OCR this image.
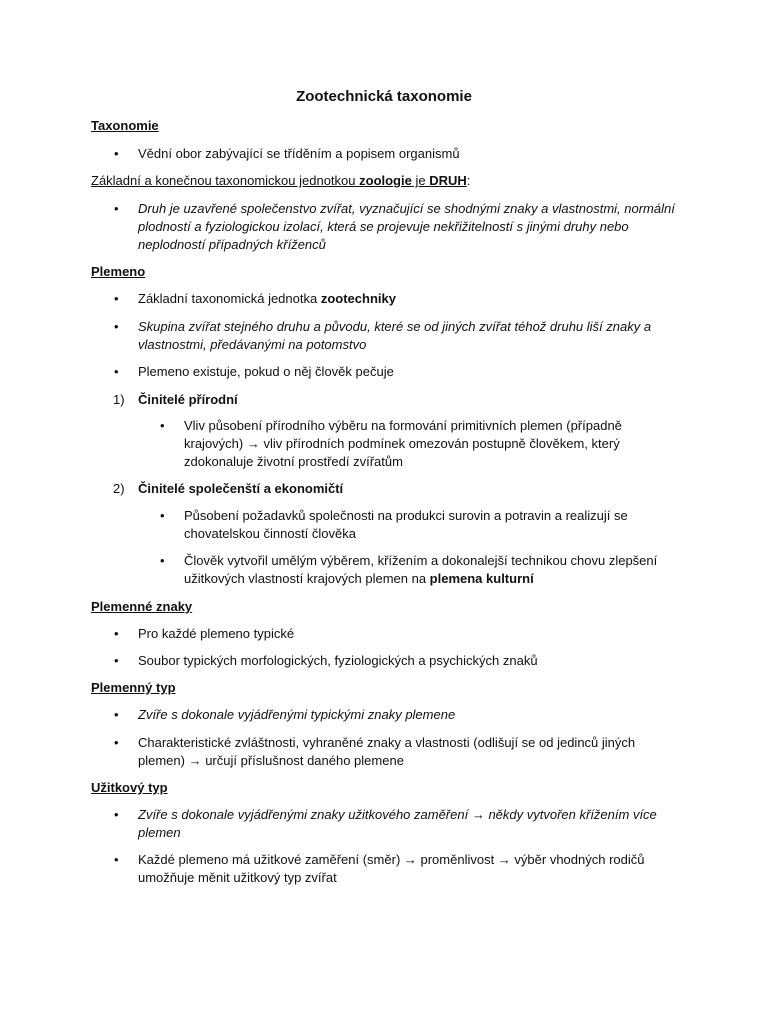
Zootechnická taxonomie
Taxonomie
• Vědní obor zabývající se tříděním a popisem organismů
Základní a konečnou taxonomickou jednotkou zoologie je DRUH:
• Druh je uzavřené společenstvo zvířat, vyznačující se shodnými znaky a vlastnostmi, normální plodností a fyziologickou izolací, která se projevuje nekřižitelností s jinými druhy nebo neplodností případných kříženců
Plemeno
• Základní taxonomická jednotka zootechniky
• Skupina zvířat stejného druhu a původu, které se od jiných zvířat téhož druhu liší znaky a vlastnostmi, předávanými na potomstvo
• Plemeno existuje, pokud o něj člověk pečuje
1) Činitelé přírodní
• Vliv působení přírodního výběru na formování primitivních plemen (případně krajových) → vliv přírodních podmínek omezován postupně člověkem, který zdokonaluje životní prostředí zvířatům
2) Činitelé společenští a ekonomičtí
• Působení požadavků společnosti na produkci surovin a potravin a realizují se chovatelskou činností člověka
• Člověk vytvořil umělým výběrem, křížením a dokonalejší technikou chovu zlepšení užitkových vlastností krajových plemen na plemena kulturní
Plemenné znaky
• Pro každé plemeno typické
• Soubor typických morfologických, fyziologických a psychických znaků
Plemenný typ
• Zvíře s dokonale vyjádřenými typickými znaky plemene
• Charakteristické zvláštnosti, vyhraněné znaky a vlastnosti (odlišují se od jedinců jiných plemen) → určují příslušnost daného plemene
Užitkový typ
• Zvíře s dokonale vyjádřenými znaky užitkového zaměření → někdy vytvořen křížením více plemen
• Každé plemeno má užitkové zaměření (směr) → proměnlivost → výběr vhodných rodičů umožňuje měnit užitkový typ zvířat
